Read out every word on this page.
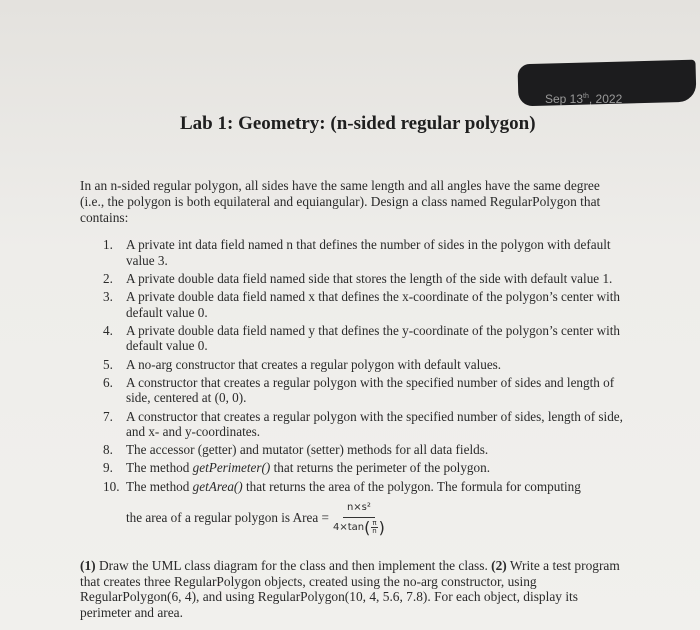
Sep 13th, 2022
Lab 1: Geometry: (n-sided regular polygon)
In an n-sided regular polygon, all sides have the same length and all angles have the same degree (i.e., the polygon is both equilateral and equiangular). Design a class named RegularPolygon that contains:
1. A private int data field named n that defines the number of sides in the polygon with default value 3.
2. A private double data field named side that stores the length of the side with default value 1.
3. A private double data field named x that defines the x-coordinate of the polygon’s center with default value 0.
4. A private double data field named y that defines the y-coordinate of the polygon’s center with default value 0.
5. A no-arg constructor that creates a regular polygon with default values.
6. A constructor that creates a regular polygon with the specified number of sides and length of side, centered at (0, 0).
7. A constructor that creates a regular polygon with the specified number of sides, length of side, and x- and y-coordinates.
8. The accessor (getter) and mutator (setter) methods for all data fields.
9. The method getPerimeter() that returns the perimeter of the polygon.
10. The method getArea() that returns the area of the polygon. The formula for computing
the area of a regular polygon is Area = $\frac{\text{n×s²}}{4\times\tan ( \frac{\pi}{n} )}$
(1) Draw the UML class diagram for the class and then implement the class. (2) Write a test program that creates three RegularPolygon objects, created using the no-arg constructor, using RegularPolygon(6, 4), and using RegularPolygon(10, 4, 5.6, 7.8). For each object, display its perimeter and area.
